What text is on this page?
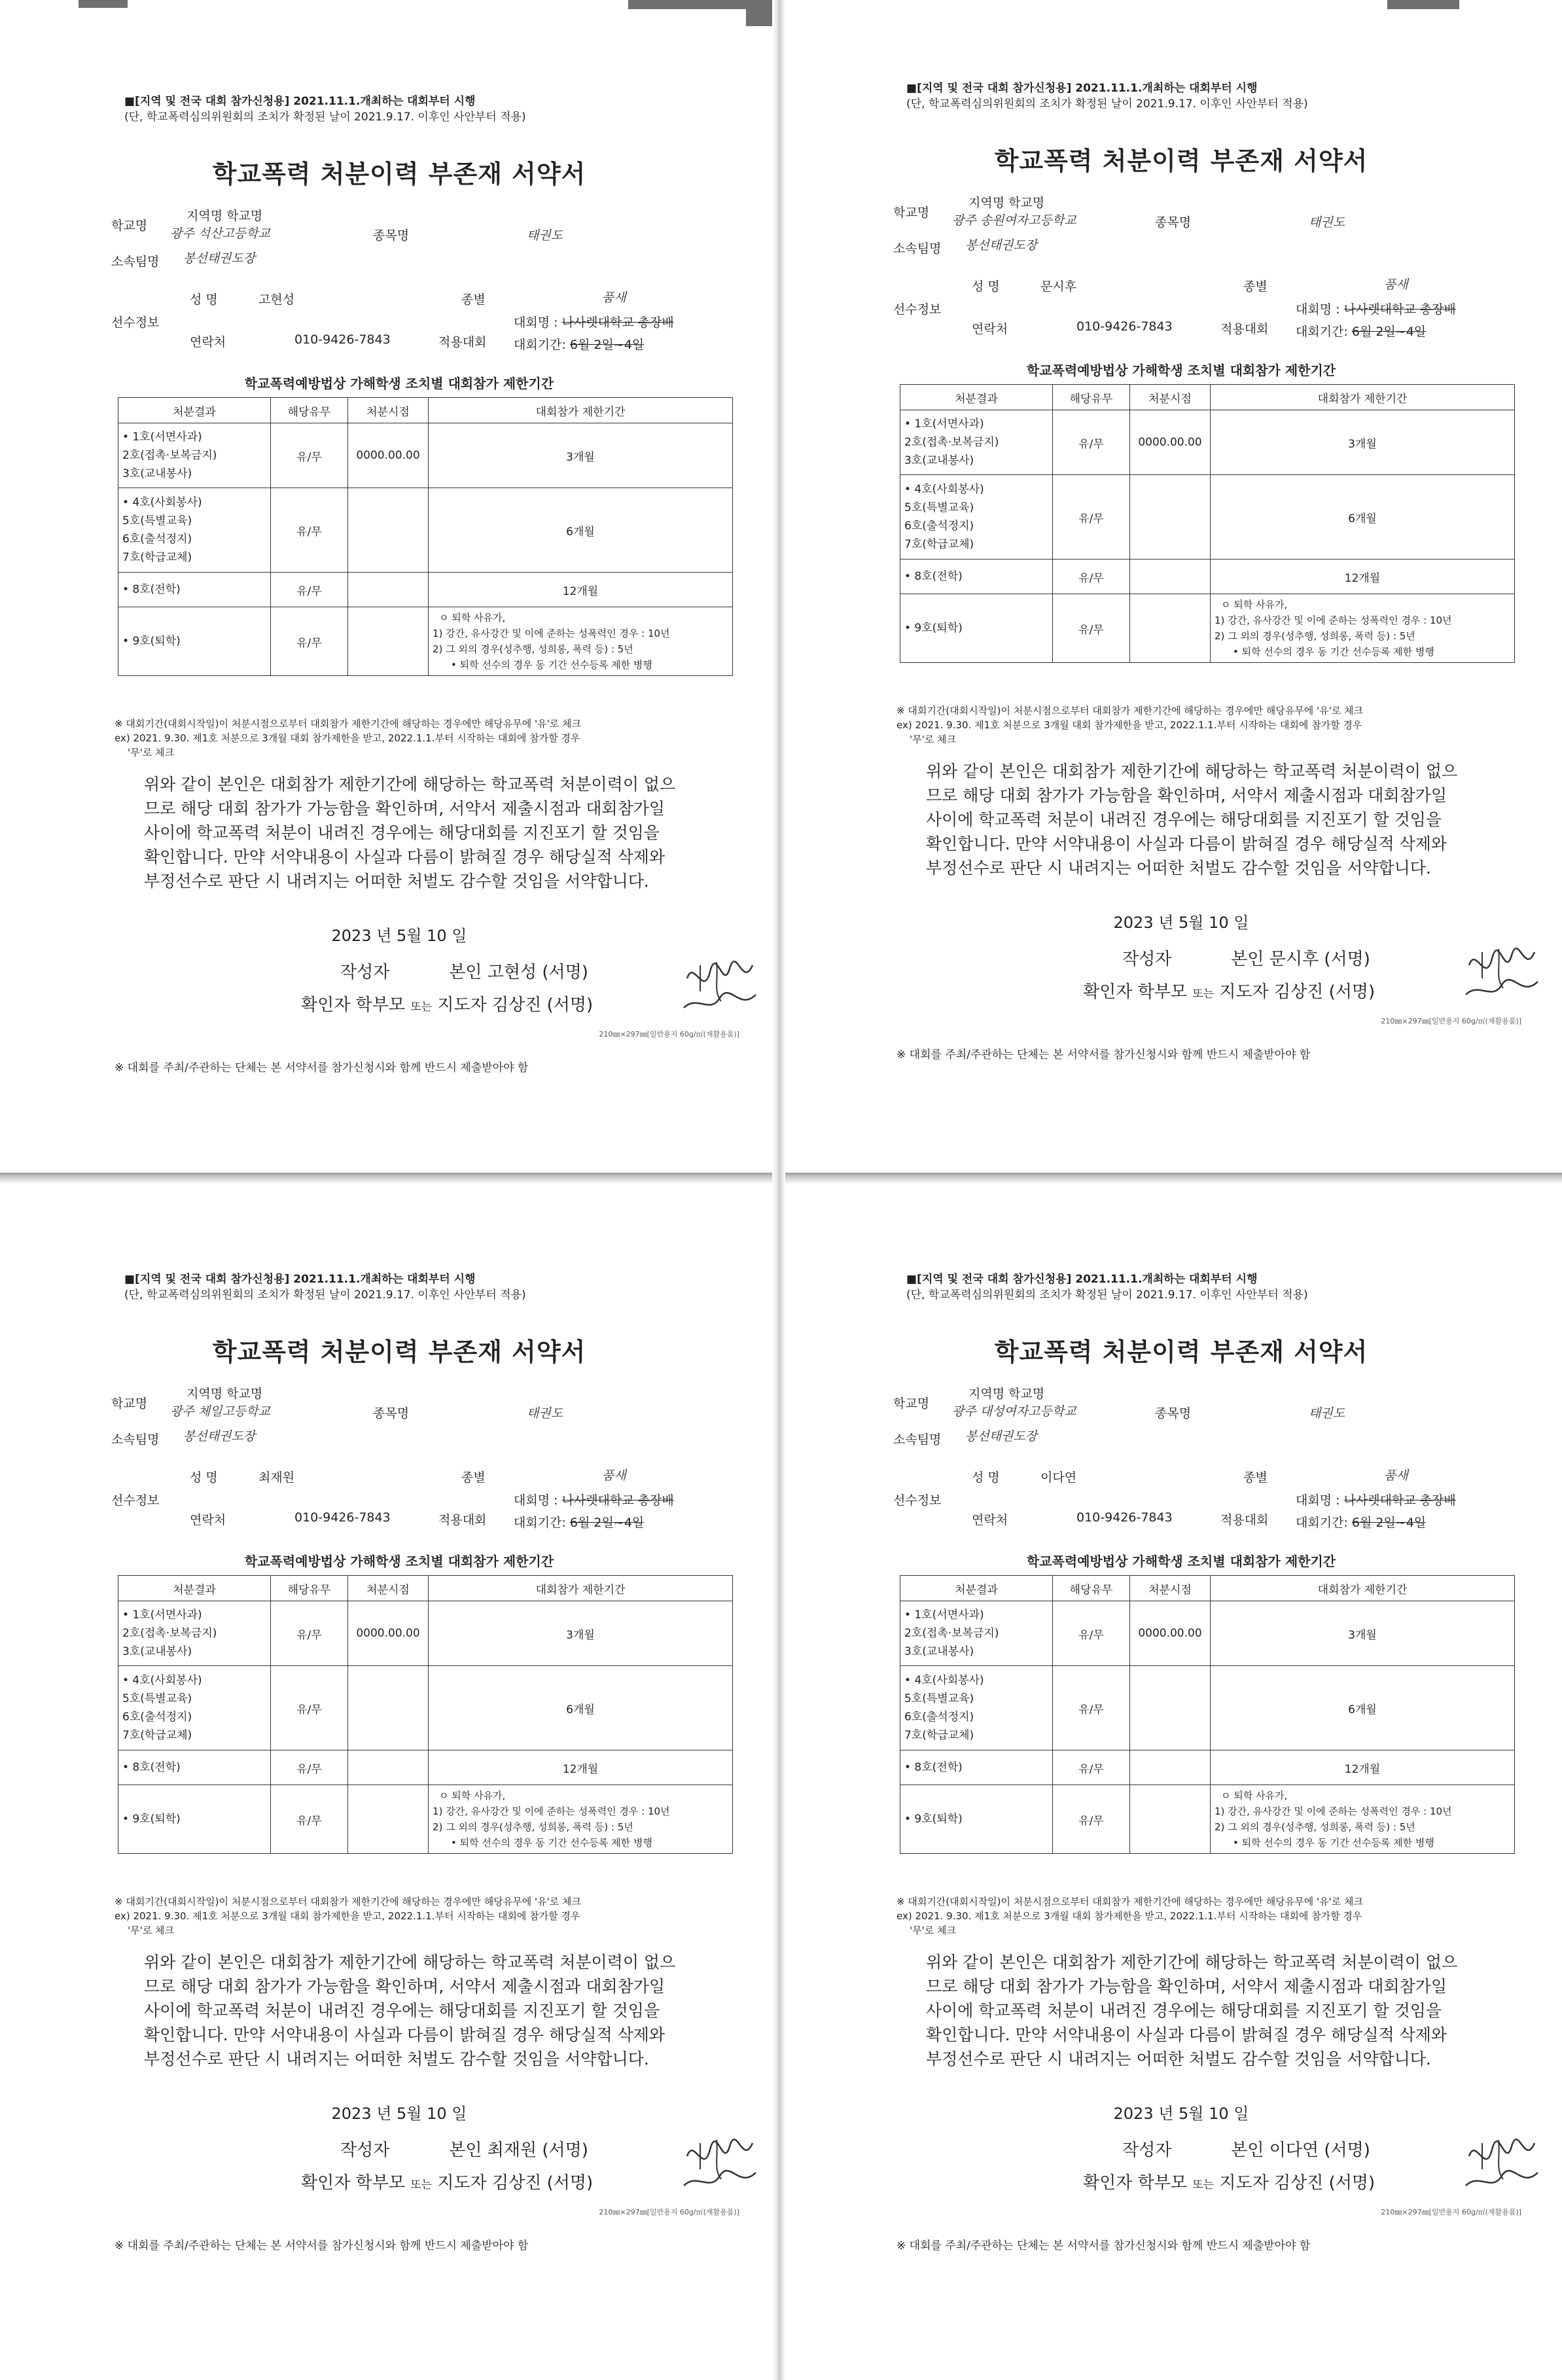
■[지역 및 전국 대회 참가신청용] 2021.11.1.개최하는 대회부터 시행
(단, 학교폭력심의위원회의 조치가 확정된 날이 2021.9.17. 이후인 사안부터 적용)
학교폭력 처분이력 부존재 서약서
지역명 학교명
학교명
광주 석산고등학교	종목명	태권도
소속팀명 봉선태권도장
선수정보
성 명	고현성	종별	품새
연락처	010-9426-7843	적용대회
대회명 : 나사렛대학교 총장배
대회기간: 6월 2일~4일
학교폭력예방법상 가해학생 조치별 대회참가 제한기간
처분결과	해당유무	처분시점	대회참가 제한기간

• 1호(서면사과)
2호(접촉·보복금지)
3호(교내봉사)	유/무	0000.00.00	3개월

• 4호(사회봉사)
5호(특별교육)
6호(출석정지)
7호(학급교체)	유/무		6개월

• 8호(전학)	유/무		12개월

• 9호(퇴학)	유/무		ㅇ 퇴학 사유가,
1) 강간, 유사강간 및 이에 준하는 성폭력인 경우 : 10년
2) 그 외의 경우(성추행, 성희롱, 폭력 등) : 5년
• 퇴학 선수의 경우 동 기간 선수등록 제한 병행
※ 대회기간(대회시작일)이 처분시점으로부터 대회참가 제한기간에 해당하는 경우에만 해당유무에 '유'로 체크
ex) 2021. 9.30. 제1호 처분으로 3개월 대회 참가제한을 받고, 2022.1.1.부터 시작하는 대회에 참가할 경우
'무'로 체크
위와 같이 본인은 대회참가 제한기간에 해당하는 학교폭력 처분이력이 없으
므로 해당 대회 참가가 가능함을 확인하며, 서약서 제출시점과 대회참가일
사이에 학교폭력 처분이 내려진 경우에는 해당대회를 지진포기 할 것임을
확인합니다. 만약 서약내용이 사실과 다름이 밝혀질 경우 해당실적 삭제와
부정선수로 판단 시 내려지는 어떠한 처벌도 감수할 것임을 서약합니다.
2023 년 5월 10 일
작성자	본인 고현성 (서명)
확인자 학부모 또는 지도자 김상진 (서명)
210㎜×297㎜[일반용지 60g/㎡(재활용품)]
※ 대회를 주최/주관하는 단체는 본 서약서를 참가신청시와 함께 반드시 제출받아야 함
■[지역 및 전국 대회 참가신청용] 2021.11.1.개최하는 대회부터 시행
(단, 학교폭력심의위원회의 조치가 확정된 날이 2021.9.17. 이후인 사안부터 적용)
학교폭력 처분이력 부존재 서약서
지역명 학교명
학교명
광주 송원여자고등학교	종목명	태권도
소속팀명 봉선태권도장
선수정보
성 명	문시후	종별	품새
연락처	010-9426-7843	적용대회
대회명 : 나사렛대학교 총장배
대회기간: 6월 2일~4일
학교폭력예방법상 가해학생 조치별 대회참가 제한기간
처분결과	해당유무	처분시점	대회참가 제한기간

• 1호(서면사과)
2호(접촉·보복금지)
3호(교내봉사)	유/무	0000.00.00	3개월

• 4호(사회봉사)
5호(특별교육)
6호(출석정지)
7호(학급교체)	유/무		6개월

• 8호(전학)	유/무		12개월

• 9호(퇴학)	유/무		ㅇ 퇴학 사유가,
1) 강간, 유사강간 및 이에 준하는 성폭력인 경우 : 10년
2) 그 외의 경우(성추행, 성희롱, 폭력 등) : 5년
• 퇴학 선수의 경우 동 기간 선수등록 제한 병행
※ 대회기간(대회시작일)이 처분시점으로부터 대회참가 제한기간에 해당하는 경우에만 해당유무에 '유'로 체크
ex) 2021. 9.30. 제1호 처분으로 3개월 대회 참가제한을 받고, 2022.1.1.부터 시작하는 대회에 참가할 경우
'무'로 체크
위와 같이 본인은 대회참가 제한기간에 해당하는 학교폭력 처분이력이 없으
므로 해당 대회 참가가 가능함을 확인하며, 서약서 제출시점과 대회참가일
사이에 학교폭력 처분이 내려진 경우에는 해당대회를 지진포기 할 것임을
확인합니다. 만약 서약내용이 사실과 다름이 밝혀질 경우 해당실적 삭제와
부정선수로 판단 시 내려지는 어떠한 처벌도 감수할 것임을 서약합니다.
2023 년 5월 10 일
작성자	본인 문시후 (서명)
확인자 학부모 또는 지도자 김상진 (서명)
210㎜×297㎜[일반용지 60g/㎡(재활용품)]
※ 대회를 주최/주관하는 단체는 본 서약서를 참가신청시와 함께 반드시 제출받아야 함
■[지역 및 전국 대회 참가신청용] 2021.11.1.개최하는 대회부터 시행
(단, 학교폭력심의위원회의 조치가 확정된 날이 2021.9.17. 이후인 사안부터 적용)
학교폭력 처분이력 부존재 서약서
지역명 학교명
학교명
광주 체일고등학교	종목명	태권도
소속팀명 봉선태권도장
선수정보
성 명	최재원	종별	품새
연락처	010-9426-7843	적용대회
대회명 : 나사렛대학교 총장배
대회기간: 6월 2일~4일
학교폭력예방법상 가해학생 조치별 대회참가 제한기간
처분결과	해당유무	처분시점	대회참가 제한기간

• 1호(서면사과)
2호(접촉·보복금지)
3호(교내봉사)	유/무	0000.00.00	3개월

• 4호(사회봉사)
5호(특별교육)
6호(출석정지)
7호(학급교체)	유/무		6개월

• 8호(전학)	유/무		12개월

• 9호(퇴학)	유/무		ㅇ 퇴학 사유가,
1) 강간, 유사강간 및 이에 준하는 성폭력인 경우 : 10년
2) 그 외의 경우(성추행, 성희롱, 폭력 등) : 5년
• 퇴학 선수의 경우 동 기간 선수등록 제한 병행
※ 대회기간(대회시작일)이 처분시점으로부터 대회참가 제한기간에 해당하는 경우에만 해당유무에 '유'로 체크
ex) 2021. 9.30. 제1호 처분으로 3개월 대회 참가제한을 받고, 2022.1.1.부터 시작하는 대회에 참가할 경우
'무'로 체크
위와 같이 본인은 대회참가 제한기간에 해당하는 학교폭력 처분이력이 없으
므로 해당 대회 참가가 가능함을 확인하며, 서약서 제출시점과 대회참가일
사이에 학교폭력 처분이 내려진 경우에는 해당대회를 지진포기 할 것임을
확인합니다. 만약 서약내용이 사실과 다름이 밝혀질 경우 해당실적 삭제와
부정선수로 판단 시 내려지는 어떠한 처벌도 감수할 것임을 서약합니다.
2023 년 5월 10 일
작성자	본인 최재원 (서명)
확인자 학부모 또는 지도자 김상진 (서명)
210㎜×297㎜[일반용지 60g/㎡(재활용품)]
※ 대회를 주최/주관하는 단체는 본 서약서를 참가신청시와 함께 반드시 제출받아야 함
■[지역 및 전국 대회 참가신청용] 2021.11.1.개최하는 대회부터 시행
(단, 학교폭력심의위원회의 조치가 확정된 날이 2021.9.17. 이후인 사안부터 적용)
학교폭력 처분이력 부존재 서약서
지역명 학교명
학교명
광주 대성여자고등학교	종목명	태권도
소속팀명 봉선태권도장
선수정보
성 명	이다연	종별	품새
연락처	010-9426-7843	적용대회
대회명 : 나사렛대학교 총장배
대회기간: 6월 2일~4일
학교폭력예방법상 가해학생 조치별 대회참가 제한기간
처분결과	해당유무	처분시점	대회참가 제한기간

• 1호(서면사과)
2호(접촉·보복금지)
3호(교내봉사)	유/무	0000.00.00	3개월

• 4호(사회봉사)
5호(특별교육)
6호(출석정지)
7호(학급교체)	유/무		6개월

• 8호(전학)	유/무		12개월

• 9호(퇴학)	유/무		ㅇ 퇴학 사유가,
1) 강간, 유사강간 및 이에 준하는 성폭력인 경우 : 10년
2) 그 외의 경우(성추행, 성희롱, 폭력 등) : 5년
• 퇴학 선수의 경우 동 기간 선수등록 제한 병행
※ 대회기간(대회시작일)이 처분시점으로부터 대회참가 제한기간에 해당하는 경우에만 해당유무에 '유'로 체크
ex) 2021. 9.30. 제1호 처분으로 3개월 대회 참가제한을 받고, 2022.1.1.부터 시작하는 대회에 참가할 경우
'무'로 체크
위와 같이 본인은 대회참가 제한기간에 해당하는 학교폭력 처분이력이 없으
므로 해당 대회 참가가 가능함을 확인하며, 서약서 제출시점과 대회참가일
사이에 학교폭력 처분이 내려진 경우에는 해당대회를 지진포기 할 것임을
확인합니다. 만약 서약내용이 사실과 다름이 밝혀질 경우 해당실적 삭제와
부정선수로 판단 시 내려지는 어떠한 처벌도 감수할 것임을 서약합니다.
2023 년 5월 10 일
작성자	본인 이다연 (서명)
확인자 학부모 또는 지도자 김상진 (서명)
210㎜×297㎜[일반용지 60g/㎡(재활용품)]
※ 대회를 주최/주관하는 단체는 본 서약서를 참가신청시와 함께 반드시 제출받아야 함
